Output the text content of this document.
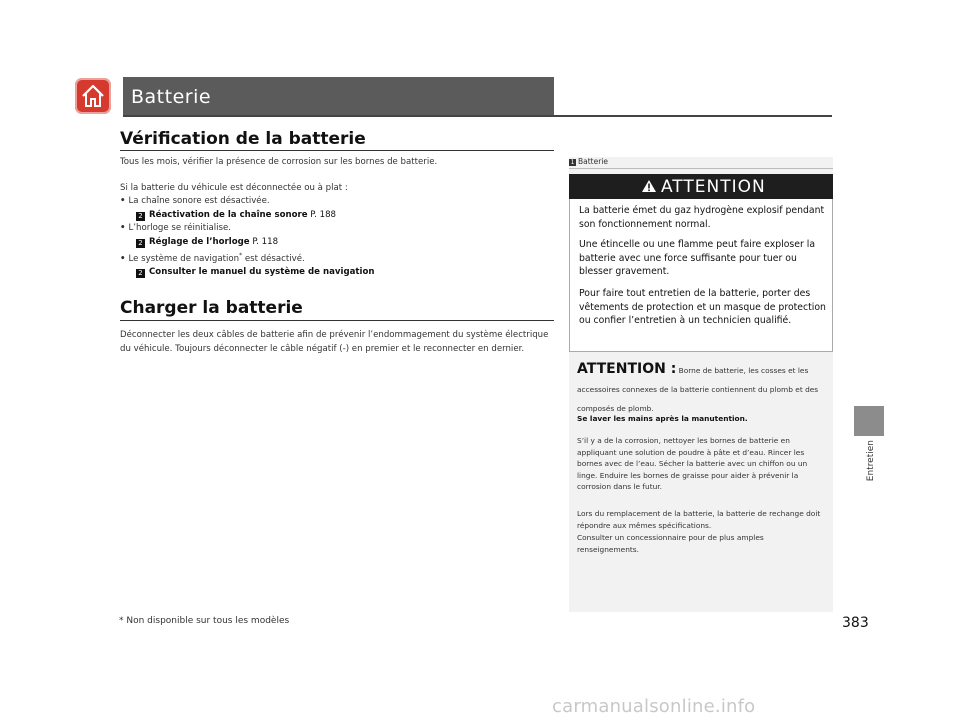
Batterie
Vérification de la batterie
Tous les mois, vérifier la présence de corrosion sur les bornes de batterie.
Si la batterie du véhicule est déconnectée ou à plat :
• La chaîne sonore est désactivée.
2 Réactivation de la chaîne sonore P. 188
• L’horloge se réinitialise.
2 Réglage de l’horloge P. 118
• Le système de navigation* est désactivé.
2 Consulter le manuel du système de navigation
Charger la batterie
Déconnecter les deux câbles de batterie afin de prévenir l’endommagement du système électrique du véhicule. Toujours déconnecter le câble négatif (-) en premier et le reconnecter en dernier.
1 Batterie
ATTENTION
La batterie émet du gaz hydrogène explosif pendant son fonctionnement normal.
Une étincelle ou une flamme peut faire exploser la batterie avec une force suffisante pour tuer ou blesser gravement.
Pour faire tout entretien de la batterie, porter des vêtements de protection et un masque de protection ou confier l’entretien à un technicien qualifié.
ATTENTION : Borne de batterie, les cosses et les accessoires connexes de la batterie contiennent du plomb et des composés de plomb.
Se laver les mains après la manutention.
S’il y a de la corrosion, nettoyer les bornes de batterie en appliquant une solution de poudre à pâte et d’eau. Rincer les bornes avec de l’eau. Sécher la batterie avec un chiffon ou un linge. Enduire les bornes de graisse pour aider à prévenir la corrosion dans le futur.
Lors du remplacement de la batterie, la batterie de rechange doit répondre aux mêmes spécifications.
Consulter un concessionnaire pour de plus amples renseignements.
Entretien
* Non disponible sur tous les modèles	383
carmanualsonline.info
